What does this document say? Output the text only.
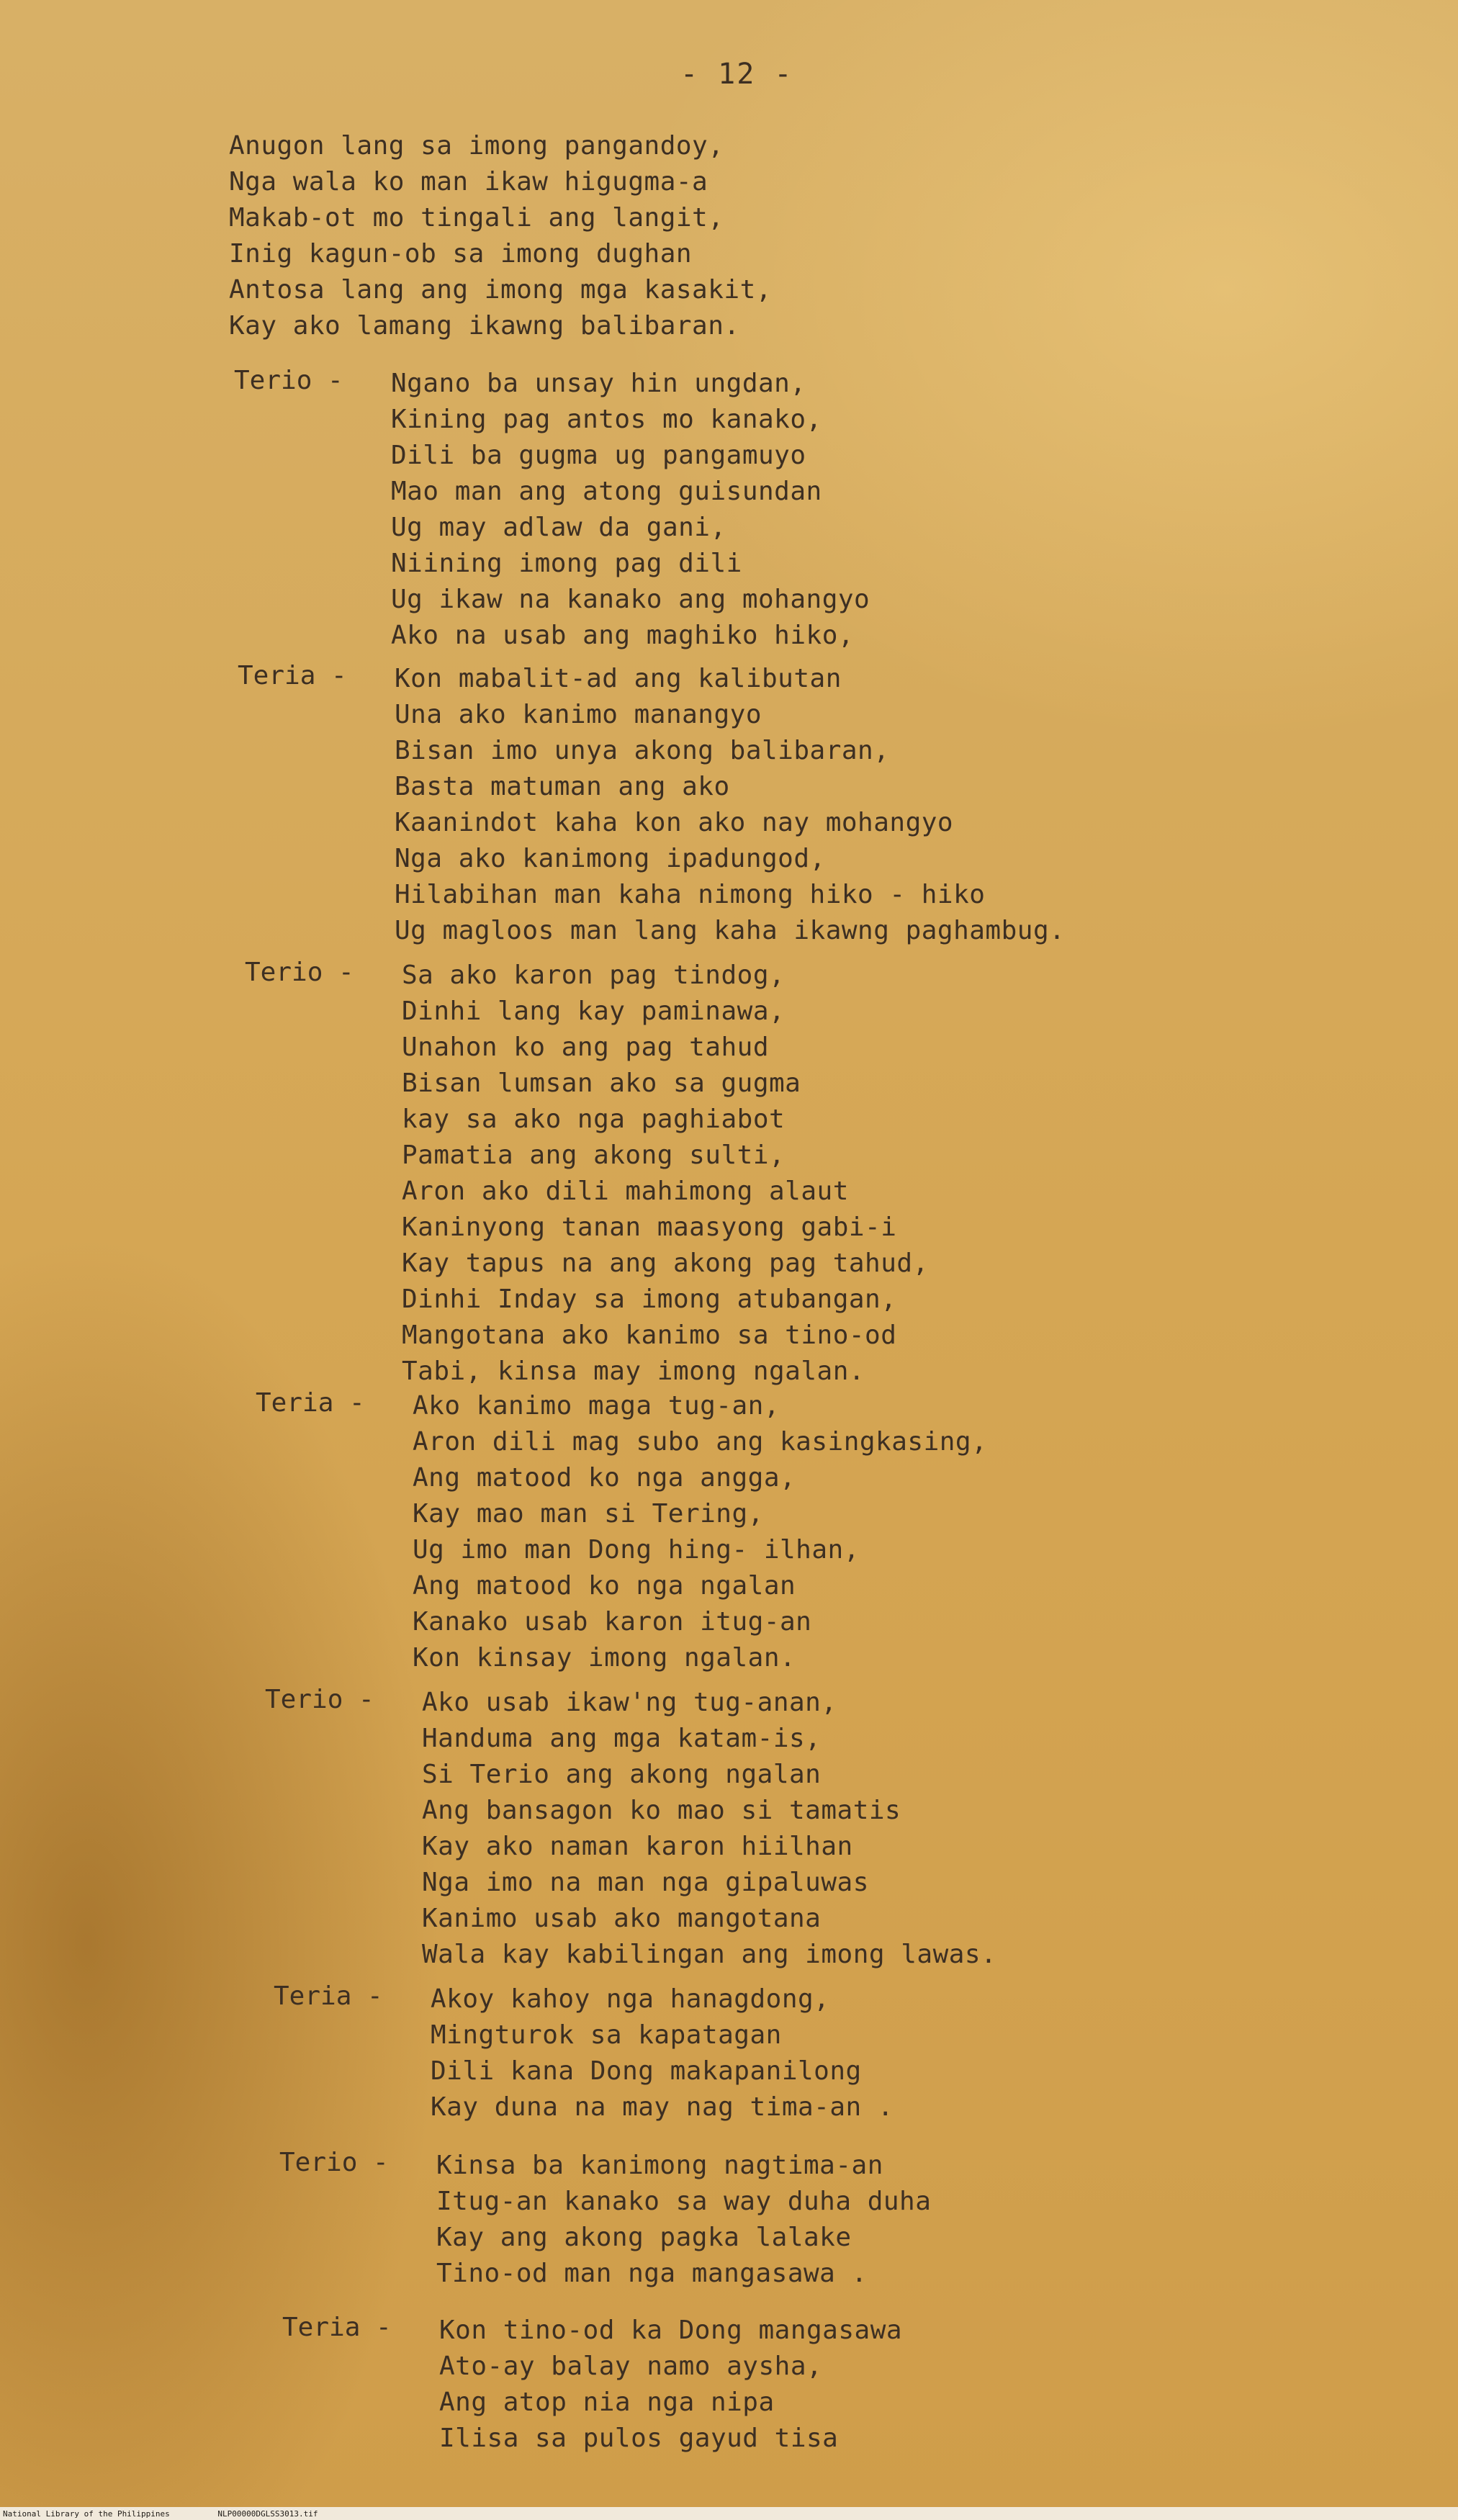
- 12 -
Anugon lang sa imong pangandoy,
Nga wala ko man ikaw higugma-a
Makab-ot mo tingali ang langit,
Inig kagun-ob sa imong dughan
Antosa lang ang imong mga kasakit,
Kay ako lamang ikawng balibaran.
Terio - Ngano ba unsay hin ungdan,
Kining pag antos mo kanako,
Dili ba gugma ug pangamuyo
Mao man ang atong guisundan
Ug may adlaw da gani,
Niining imong pag dili
Ug ikaw na kanako ang mohangyo
Ako na usab ang maghiko hiko,
Teria - Kon mabalit-ad ang kalibutan
Una ako kanimo manangyo
Bisan imo unya akong balibaran,
Basta matuman ang ako
Kaanindot kaha kon ako nay mohangyo
Nga ako kanimong ipadungod,
Hilabihan man kaha nimong hiko - hiko
Ug magloos man lang kaha ikawng paghambug.
Terio - Sa ako karon pag tindog,
Dinhi lang kay paminawa,
Unahon ko ang pag tahud
Bisan lumsan ako sa gugma
kay sa ako nga paghiabot
Pamatia ang akong sulti,
Aron ako dili mahimong alaut
Kaninyong tanan maasyong gabi-i
Kay tapus na ang akong pag tahud,
Dinhi Inday sa imong atubangan,
Mangotana ako kanimo sa tino-od
Tabi, kinsa may imong ngalan.
Teria - Ako kanimo maga tug-an,
Aron dili mag subo ang kasingkasing,
Ang matood ko nga angga,
Kay mao man si Tering,
Ug imo man Dong hing- ilhan,
Ang matood ko nga ngalan
Kanako usab karon itug-an
Kon kinsay imong ngalan.
Terio - Ako usab ikaw'ng tug-anan,
Handuma ang mga katam-is,
Si Terio ang akong ngalan
Ang bansagon ko mao si tamatis
Kay ako naman karon hiilhan
Nga imo na man nga gipaluwas
Kanimo usab ako mangotana
Wala kay kabilingan ang imong lawas.
Teria - Akoy kahoy nga hanagdong,
Mingturok sa kapatagan
Dili kana Dong makapanilong
Kay duna na may nag tima-an .
Terio - Kinsa ba kanimong nagtima-an
Itug-an kanako sa way duha duha
Kay ang akong pagka lalake
Tino-od man nga mangasawa .
Teria - Kon tino-od ka Dong mangasawa
Ato-ay balay namo aysha,
Ang atop nia nga nipa
Ilisa sa pulos gayud tisa
National Library of the Philippines	NLP00000DGLSS3013.tif
